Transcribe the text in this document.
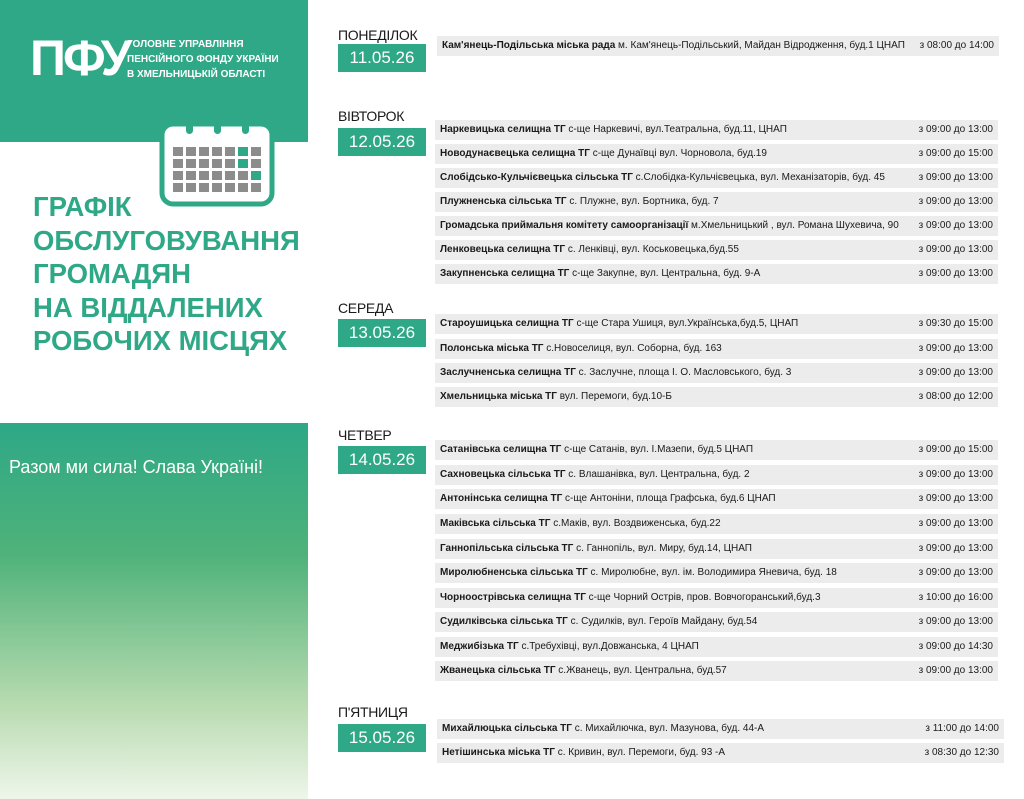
ПФУ
ГОЛОВНЕ УПРАВЛІННЯ
ПЕНСІЙНОГО ФОНДУ УКРАЇНИ
В ХМЕЛЬНИЦЬКІЙ ОБЛАСТІ
ГРАФІК
ОБСЛУГОВУВАННЯ
ГРОМАДЯН
НА ВІДДАЛЕНИХ
РОБОЧИХ МІСЦЯХ
Разом ми сила! Слава Україні!
ПОНЕДІЛОК
11.05.26
Кам'янець-Подільська міська рада м. Кам'янець-Подільський, Майдан Відродження, буд.1 ЦНАП з 08:00 до 14:00
ВІВТОРОК
12.05.26
Наркевицька селищна ТГ с-ще Наркевичі, вул.Театральна, буд.11, ЦНАП	з 09:00 до 13:00
Новодунаєвецька селищна ТГ с-ще Дунаївці вул. Чорновола, буд.19	з 09:00 до 15:00
Слобідсько-Кульчієвецька сільська ТГ с.Слобідка-Кульчієвецька, вул. Механізаторів, буд. 45	з 09:00 до 13:00
Плужненська сільська ТГ с. Плужне, вул. Бортника, буд. 7	з 09:00 до 13:00
Громадська приймальня комітету самоорганізації м.Хмельницький , вул. Романа Шухевича, 90 з 09:00 до 13:00
Ленковецька селищна ТГ с. Ленківці, вул. Коськовецька,буд.55	з 09:00 до 13:00
Закупненська селищна ТГ с-ще Закупне, вул. Центральна, буд. 9-А	з 09:00 до 13:00
СЕРЕДА
13.05.26	Староушицька селищна ТГ с-ще Стара Ушиця, вул.Українська,буд.5, ЦНАП	з 09:30 до 15:00
Полонська міська ТГ с.Новоселиця, вул. Соборна, буд. 163	з 09:00 до 13:00
Заслучненська селищна ТГ с. Заслучне, площа І. О. Масловського, буд. 3	з 09:00 до 13:00
Хмельницька міська ТГ вул. Перемоги, буд.10-Б	з 08:00 до 12:00
ЧЕТВЕР
14.05.26
Сатанівська селищна ТГ с-ще Сатанів, вул. І.Мазепи, буд.5 ЦНАП	з 09:00 до 15:00
Сахновецька сільська ТГ с. Влашанівка, вул. Центральна, буд. 2	з 09:00 до 13:00
Антонінська селищна ТГ с-ще Антоніни, площа Графська, буд.6 ЦНАП	з 09:00 до 13:00
Маківська сільська ТГ с.Маків, вул. Воздвиженська, буд.22	з 09:00 до 13:00
Ганнопільська сільська ТГ с. Ганнопіль, вул. Миру, буд.14, ЦНАП	з 09:00 до 13:00
Миролюбненська сільська ТГ с. Миролюбне, вул. ім. Володимира Яневича, буд. 18	з 09:00 до 13:00
Чорноострівська селищна ТГ с-ще Чорний Острів, пров. Вовчогоранський,буд.3	з 10:00 до 16:00
Судилківська сільська ТГ с. Судилків, вул. Героїв Майдану, буд.54	з 09:00 до 13:00
Меджибізька ТГ с.Требухівці, вул.Довжанська, 4 ЦНАП	з 09:00 до 14:30
Жванецька сільська ТГ с.Жванець, вул. Центральна, буд.57	з 09:00 до 13:00
П'ЯТНИЦЯ
15.05.26	Михайлюцька сільська ТГ с. Михайлючка, вул. Мазунова, буд. 44-А	з 11:00 до 14:00
Нетішинська міська ТГ с. Кривин, вул. Перемоги, буд. 93 -А	з 08:30 до 12:30
